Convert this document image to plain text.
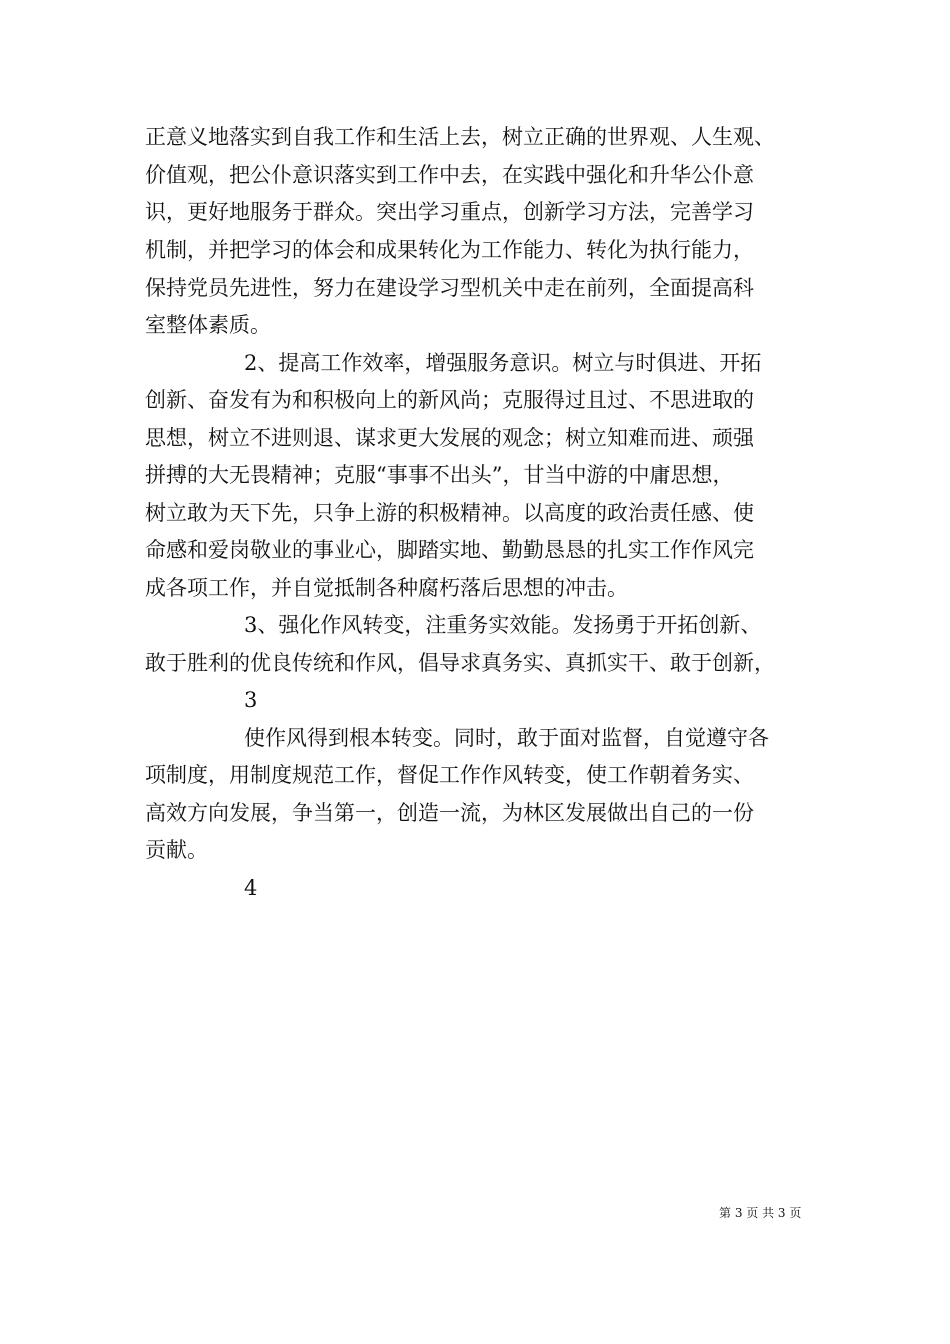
正意义地落实到自我工作和生活上去，树立正确的世界观、人生观、
价值观，把公仆意识落实到工作中去，在实践中强化和升华公仆意
识，更好地服务于群众。突出学习重点，创新学习方法，完善学习
机制，并把学习的体会和成果转化为工作能力、转化为执行能力，
保持党员先进性，努力在建设学习型机关中走在前列，全面提高科
室整体素质。
2、提高工作效率，增强服务意识。树立与时俱进、开拓
创新、奋发有为和积极向上的新风尚；克服得过且过、不思进取的
思想，树立不进则退、谋求更大发展的观念；树立知难而进、顽强
拼搏的大无畏精神；克服“事事不出头”，甘当中游的中庸思想，
树立敢为天下先，只争上游的积极精神。以高度的政治责任感、使
命感和爱岗敬业的事业心，脚踏实地、勤勤恳恳的扎实工作作风完
成各项工作，并自觉抵制各种腐朽落后思想的冲击。
3、强化作风转变，注重务实效能。发扬勇于开拓创新、
敢于胜利的优良传统和作风，倡导求真务实、真抓实干、敢于创新，
3
使作风得到根本转变。同时，敢于面对监督，自觉遵守各
项制度，用制度规范工作，督促工作作风转变，使工作朝着务实、
高效方向发展，争当第一，创造一流，为林区发展做出自己的一份
贡献。
4
第 3 页 共 3 页
